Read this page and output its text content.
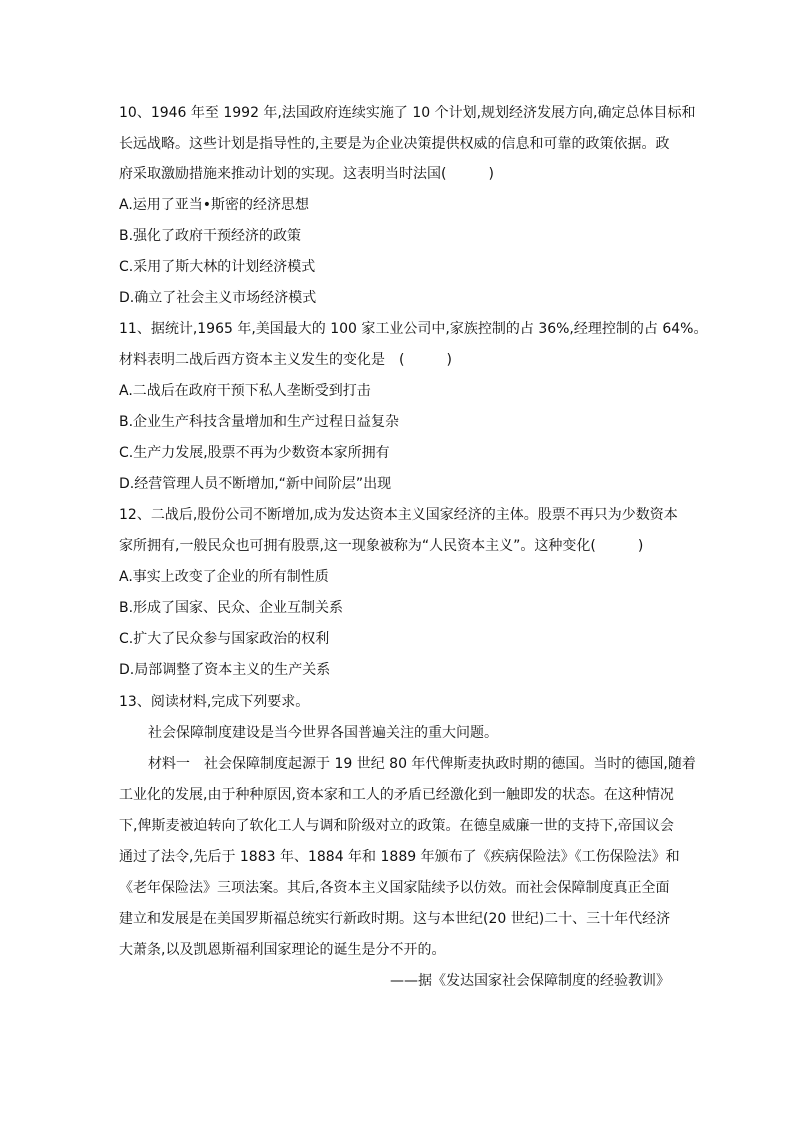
10、1946 年至 1992 年,法国政府连续实施了 10 个计划,规划经济发展方向,确定总体目标和
长远战略。这些计划是指导性的,主要是为企业决策提供权威的信息和可靠的政策依据。政
府采取激励措施来推动计划的实现。这表明当时法国(　　　)
A.运用了亚当•斯密的经济思想
B.强化了政府干预经济的政策
C.采用了斯大林的计划经济模式
D.确立了社会主义市场经济模式
11、据统计,1965 年,美国最大的 100 家工业公司中,家族控制的占 36%,经理控制的占 64%。
材料表明二战后西方资本主义发生的变化是　(　　　)
A.二战后在政府干预下私人垄断受到打击
B.企业生产科技含量增加和生产过程日益复杂
C.生产力发展,股票不再为少数资本家所拥有
D.经营管理人员不断增加,“新中间阶层”出现
12、二战后,股份公司不断增加,成为发达资本主义国家经济的主体。股票不再只为少数资本
家所拥有,一般民众也可拥有股票,这一现象被称为“人民资本主义”。这种变化(　　　)
A.事实上改变了企业的所有制性质
B.形成了国家、民众、企业互制关系
C.扩大了民众参与国家政治的权利
D.局部调整了资本主义的生产关系
13、阅读材料,完成下列要求。
社会保障制度建设是当今世界各国普遍关注的重大问题。
材料一　社会保障制度起源于 19 世纪 80 年代俾斯麦执政时期的德国。当时的德国,随着
工业化的发展,由于种种原因,资本家和工人的矛盾已经激化到一触即发的状态。在这种情况
下,俾斯麦被迫转向了软化工人与调和阶级对立的政策。在德皇威廉一世的支持下,帝国议会
通过了法令,先后于 1883 年、1884 年和 1889 年颁布了《疾病保险法》《工伤保险法》和
《老年保险法》三项法案。其后,各资本主义国家陆续予以仿效。而社会保障制度真正全面
建立和发展是在美国罗斯福总统实行新政时期。这与本世纪(20 世纪)二十、三十年代经济
大萧条,以及凯恩斯福利国家理论的诞生是分不开的。
——据《发达国家社会保障制度的经验教训》
